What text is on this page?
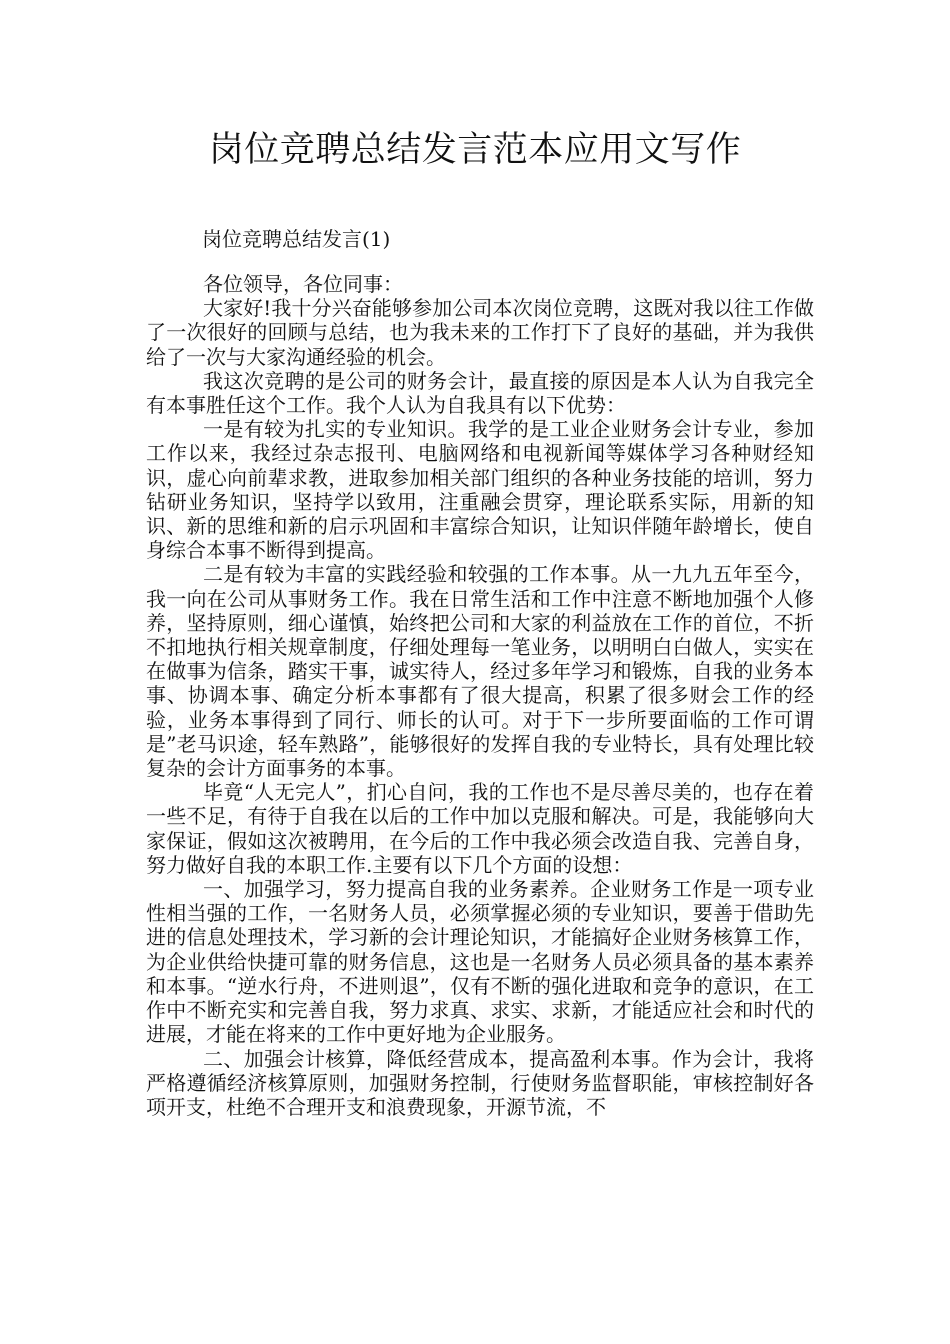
岗位竞聘总结发言范本应用文写作
岗位竞聘总结发言(1)

各位领导，各位同事：

大家好!我十分兴奋能够参加公司本次岗位竞聘，这既对我以往工作做了一次很好的回顾与总结，也为我未来的工作打下了良好的基础，并为我供给了一次与大家沟通经验的机会。

我这次竞聘的是公司的财务会计，最直接的原因是本人认为自我完全有本事胜任这个工作。我个人认为自我具有以下优势：

一是有较为扎实的专业知识。我学的是工业企业财务会计专业，参加工作以来，我经过杂志报刊、电脑网络和电视新闻等媒体学习各种财经知识，虚心向前辈求教，进取参加相关部门组织的各种业务技能的培训，努力钻研业务知识，坚持学以致用，注重融会贯穿，理论联系实际，用新的知识、新的思维和新的启示巩固和丰富综合知识，让知识伴随年龄增长，使自身综合本事不断得到提高。

二是有较为丰富的实践经验和较强的工作本事。从一九九五年至今，我一向在公司从事财务工作。我在日常生活和工作中注意不断地加强个人修养，坚持原则，细心谨慎，始终把公司和大家的利益放在工作的首位，不折不扣地执行相关规章制度，仔细处理每一笔业务，以明明白白做人，实实在在做事为信条，踏实干事，诚实待人，经过多年学习和锻炼，自我的业务本事、协调本事、确定分析本事都有了很大提高，积累了很多财会工作的经验，业务本事得到了同行、师长的认可。对于下一步所要面临的工作可谓是”老马识途，轻车熟路”，能够很好的发挥自我的专业特长，具有处理比较复杂的会计方面事务的本事。

毕竟“人无完人”，扪心自问，我的工作也不是尽善尽美的，也存在着一些不足，有待于自我在以后的工作中加以克服和解决。可是，我能够向大家保证，假如这次被聘用，在今后的工作中我必须会改造自我、完善自身，努力做好自我的本职工作.主要有以下几个方面的设想：

一、加强学习，努力提高自我的业务素养。企业财务工作是一项专业性相当强的工作，一名财务人员，必须掌握必须的专业知识，要善于借助先进的信息处理技术，学习新的会计理论知识，才能搞好企业财务核算工作，为企业供给快捷可靠的财务信息，这也是一名财务人员必须具备的基本素养和本事。“逆水行舟，不进则退”，仅有不断的强化进取和竞争的意识，在工作中不断充实和完善自我，努力求真、求实、求新，才能适应社会和时代的进展，才能在将来的工作中更好地为企业服务。

二、加强会计核算，降低经营成本，提高盈利本事。作为会计，我将严格遵循经济核算原则，加强财务控制，行使财务监督职能，审核控制好各项开支，杜绝不合理开支和浪费现象，开源节流，不
